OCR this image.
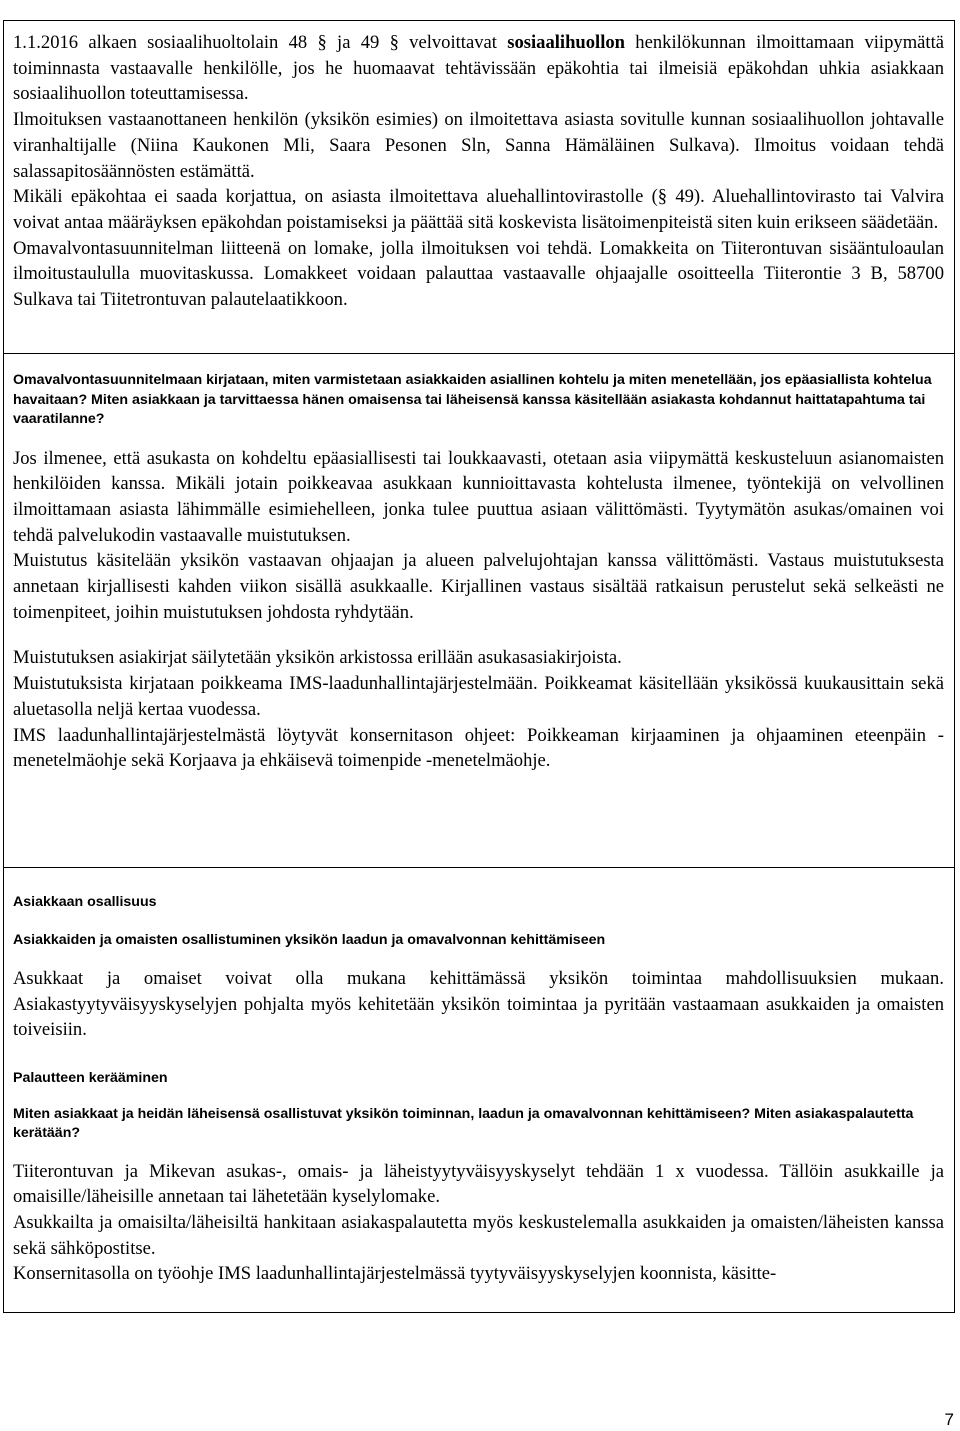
1.1.2016 alkaen sosiaalihuoltolain 48 § ja 49 § velvoittavat sosiaalihuollon henkilökunnan ilmoittamaan viipymättä toiminnasta vastaavalle henkilölle, jos he huomaavat tehtävissään epäkohtia tai ilmeisiä epäkohdan uhkia asiakkaan sosiaalihuollon toteuttamisessa.

Ilmoituksen vastaanottaneen henkilön (yksikön esimies) on ilmoitettava asiasta sovitulle kunnan sosiaalihuollon johtavalle viranhaltijalle (Niina Kaukonen Mli, Saara Pesonen Sln, Sanna Hämäläinen Sulkava). Ilmoitus voidaan tehdä salassapitosäännösten estämättä.

Mikäli epäkohtaa ei saada korjattua, on asiasta ilmoitettava aluehallintovirastolle (§ 49). Aluehallintovirasto tai Valvira voivat antaa määräyksen epäkohdan poistamiseksi ja päättää sitä koskevista lisätoimenpiteistä siten kuin erikseen säädetään.

Omavalvontasuunnitelman liitteenä on lomake, jolla ilmoituksen voi tehdä. Lomakkeita on Tiiterontuvan sisääntuloaulan ilmoitustaululla muovitaskussa. Lomakkeet voidaan palauttaa vastaavalle ohjaajalle osoitteella Tiiterontie 3 B, 58700 Sulkava tai Tiitetrontuvan palautelaatikkoon.

Omavalvontasuunnitelmaan kirjataan, miten varmistetaan asiakkaiden asiallinen kohtelu ja miten menetellään, jos epäasiallista kohtelua havaitaan? Miten asiakkaan ja tarvittaessa hänen omaisensa tai läheisensä kanssa käsitellään asiakasta kohdannut haittatapahtuma tai vaaratilanne?

Jos ilmenee, että asukasta on kohdeltu epäasiallisesti tai loukkaavasti, otetaan asia viipymättä keskusteluun asianomaisten henkilöiden kanssa. Mikäli jotain poikkeavaa asukkaan kunnioittavasta kohtelusta ilmenee, työntekijä on velvollinen ilmoittamaan asiasta lähimmälle esimiehelleen, jonka tulee puuttua asiaan välittömästi. Tyytymätön asukas/omainen voi tehdä palvelukodin vastaavalle muistutuksen.

Muistutus käsitelään yksikön vastaavan ohjaajan ja alueen palvelujohtajan kanssa välittömästi. Vastaus muistutuksesta annetaan kirjallisesti kahden viikon sisällä asukkaalle. Kirjallinen vastaus sisältää ratkaisun perustelut sekä selkeästi ne toimenpiteet, joihin muistutuksen johdosta ryhdytään.

Muistutuksen asiakirjat säilytetään yksikön arkistossa erillään asukasasiakirjoista.

Muistutuksista kirjataan poikkeama IMS-laadunhallintajärjestelmään. Poikkeamat käsitellään yksikössä kuukausittain sekä aluetasolla neljä kertaa vuodessa.

IMS laadunhallintajärjestelmästä löytyvät konsernitason ohjeet: Poikkeaman kirjaaminen ja ohjaaminen eteenpäin -menetelmäohje sekä Korjaava ja ehkäisevä toimenpide -menetelmäohje.

Asiakkaan osallisuus

Asiakkaiden ja omaisten osallistuminen yksikön laadun ja omavalvonnan kehittämiseen

Asukkaat ja omaiset voivat olla mukana kehittämässä yksikön toimintaa mahdollisuuksien mukaan. Asiakastyytyväisyyskyselyjen pohjalta myös kehitetään yksikön toimintaa ja pyritään vastaamaan asukkaiden ja omaisten toiveisiin.

Palautteen kerääminen

Miten asiakkaat ja heidän läheisensä osallistuvat yksikön toiminnan, laadun ja omavalvonnan kehittämiseen? Miten asiakaspalautetta kerätään?

Tiiterontuvan ja Mikevan asukas-, omais- ja läheistyytyväisyyskyselyt tehdään 1 x vuodessa. Tällöin asukkaille ja omaisille/läheisille annetaan tai lähetetään kyselylomake.

Asukkailta ja omaisilta/läheisiltä hankitaan asiakaspalautetta myös keskustelemalla asukkaiden ja omaisten/läheisten kanssa sekä sähköpostitse.

Konsernitasolla on työohje IMS laadunhallintajärjestelmässä tyytyväisyyskyselyjen koonnista, käsitte-

7
